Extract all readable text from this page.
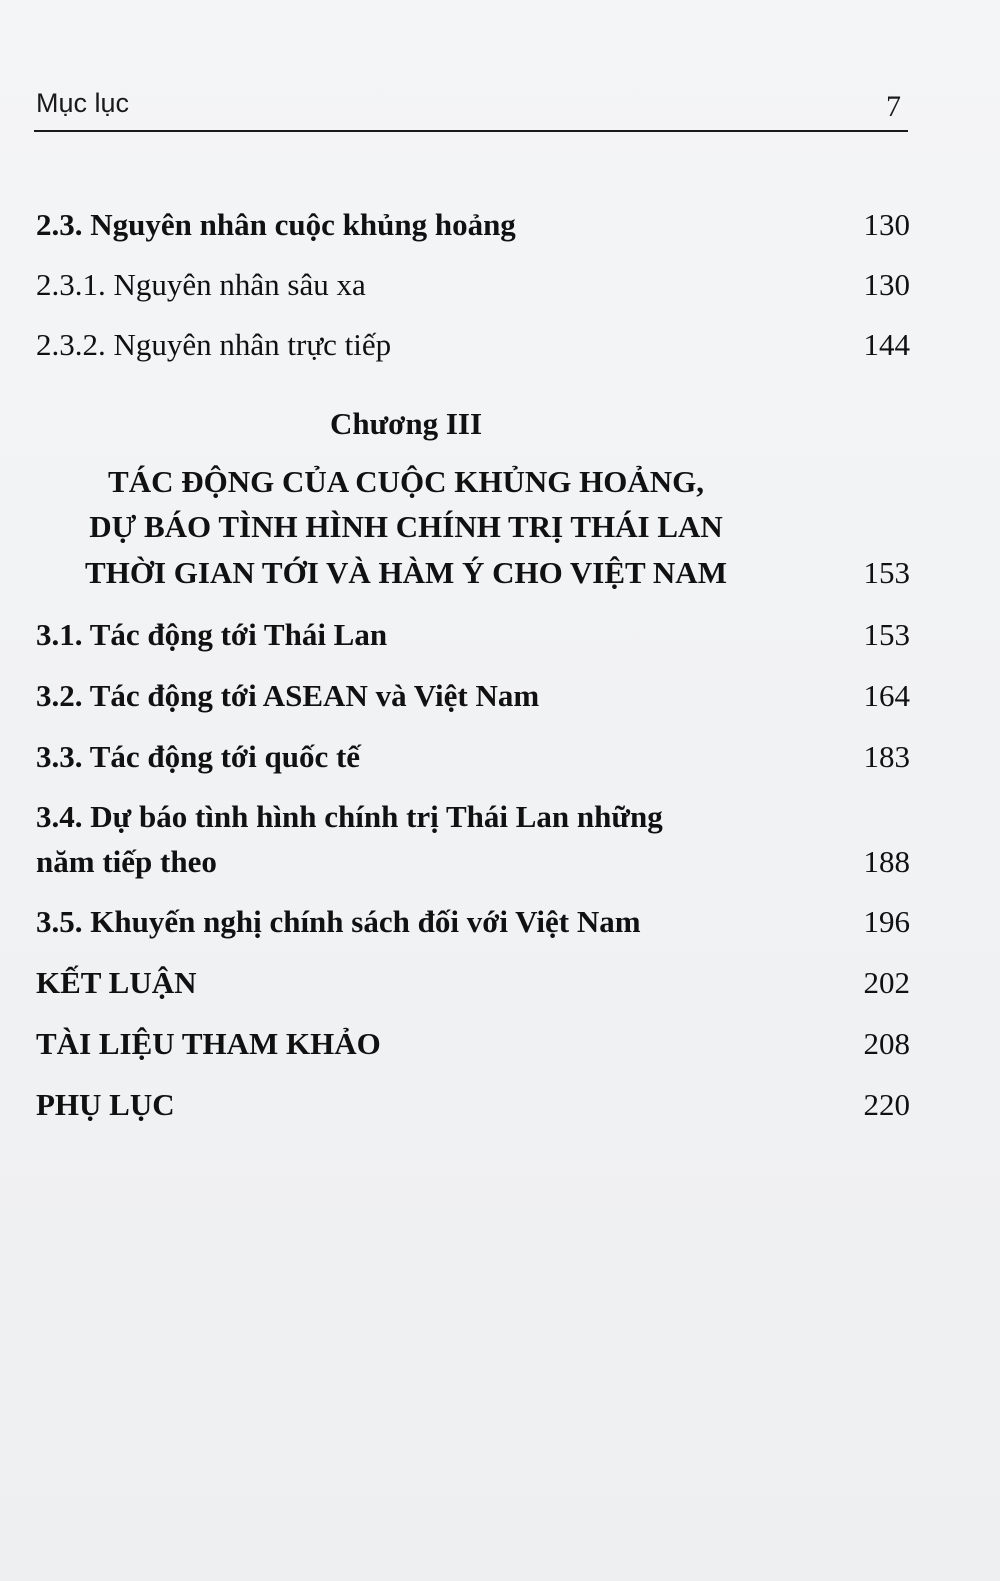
Mục lục	7
2.3. Nguyên nhân cuộc khủng hoảng	130
2.3.1. Nguyên nhân sâu xa	130
2.3.2. Nguyên nhân trực tiếp	144
Chương III
TÁC ĐỘNG CỦA CUỘC KHỦNG HOẢNG,
DỰ BÁO TÌNH HÌNH CHÍNH TRỊ THÁI LAN
THỜI GIAN TỚI VÀ HÀM Ý CHO VIỆT NAM	153
3.1. Tác động tới Thái Lan	153
3.2. Tác động tới ASEAN và Việt Nam	164
3.3. Tác động tới quốc tế	183
3.4. Dự báo tình hình chính trị Thái Lan những
năm tiếp theo	188
3.5. Khuyến nghị chính sách đối với Việt Nam	196
KẾT LUẬN	202
TÀI LIỆU THAM KHẢO	208
PHỤ LỤC	220
